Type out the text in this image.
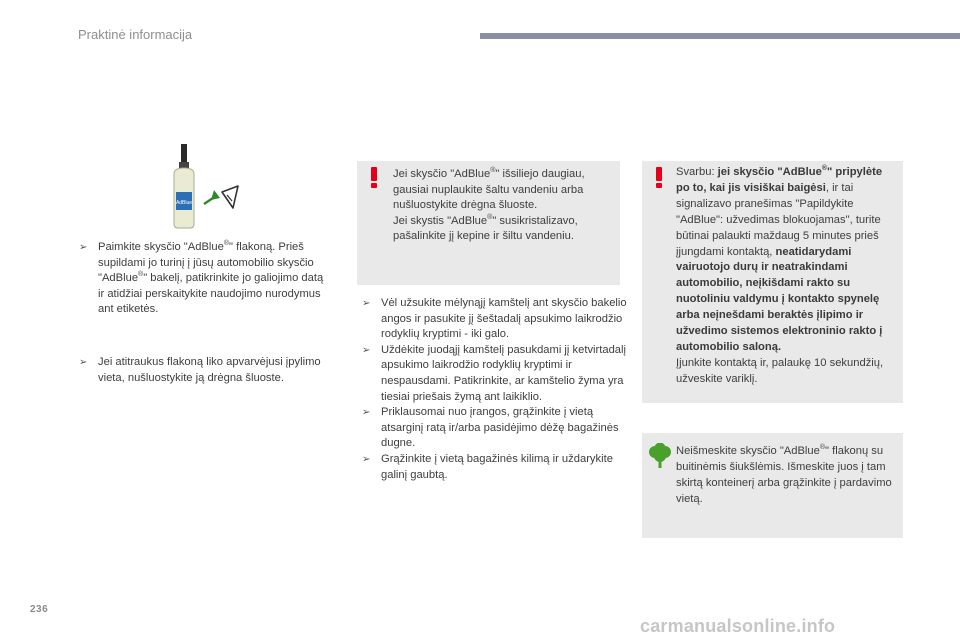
Praktinė informacija
AdBlue
➢ Paimkite skysčio "AdBlue®" flakoną. Prieš supildami jo turinį į jūsų automobilio skysčio "AdBlue®" bakelį, patikrinkite jo galiojimo datą ir atidžiai perskaitykite naudojimo nurodymus ant etiketės.
➢ Jei atitraukus flakoną liko apvarvėjusi įpylimo vieta, nušluostykite ją drėgna šluoste.

Jei skysčio "AdBlue®" išsiliejo daugiau, gausiai nuplaukite šaltu vandeniu arba nušluostykite drėgna šluoste.

Jei skystis "AdBlue®" susikristalizavo, pašalinkite jį kepine ir šiltu vandeniu.

➢ Vėl užsukite mėlynąjį kamštelį ant skysčio bakelio angos ir pasukite jį šeštadalį apsukimo laikrodžio rodyklių kryptimi - iki galo.
➢ Uždėkite juodąjį kamštelį pasukdami jį ketvirtadalį apsukimo laikrodžio rodyklių kryptimi ir nespausdami. Patikrinkite, ar kamštelio žyma yra tiesiai priešais žymą ant laikiklio.
➢ Priklausomai nuo įrangos, grąžinkite į vietą atsarginį ratą ir/arba pasidėjimo dėžę bagažinės dugne.
➢ Grąžinkite į vietą bagažinės kilimą ir uždarykite galinį gaubtą.

Svarbu: jei skysčio "AdBlue®" pripylėte po to, kai jis visiškai baigėsi, ir tai signalizavo pranešimas "Papildykite "AdBlue": užvedimas blokuojamas", turite būtinai palaukti maždaug 5 minutes prieš įjungdami kontaktą, neatidarydami vairuotojo durų ir neatrakindami automobilio, neįkišdami rakto su nuotoliniu valdymu į kontakto spynelę arba neįnešdami beraktės įlipimo ir užvedimo sistemos elektroninio rakto į automobilio saloną.

Įjunkite kontaktą ir, palaukę 10 sekundžių, užveskite variklį.

Neišmeskite skysčio "AdBlue®" flakonų su buitinėmis šiukšlėmis. Išmeskite juos į tam skirtą konteinerį arba grąžinkite į pardavimo vietą.

236
carmanualsonline.info
